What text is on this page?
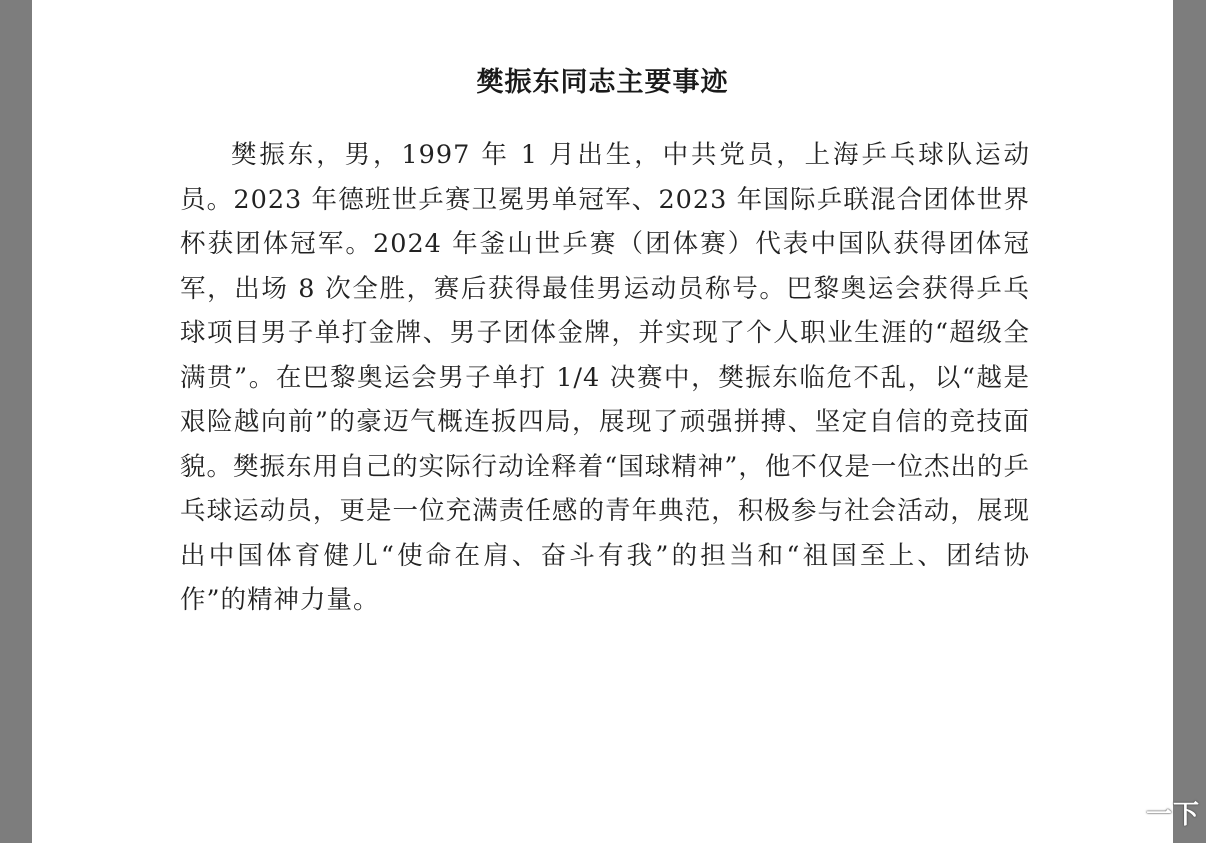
樊振东同志主要事迹

樊振东，男，1997 年 1 月出生，中共党员，上海乒乓球队运动员。2023 年德班世乒赛卫冕男单冠军、2023 年国际乒联混合团体世界杯获团体冠军。2024 年釜山世乒赛（团体赛）代表中国队获得团体冠军，出场 8 次全胜，赛后获得最佳男运动员称号。巴黎奥运会获得乒乓球项目男子单打金牌、男子团体金牌，并实现了个人职业生涯的“超级全满贯”。在巴黎奥运会男子单打 1/4 决赛中，樊振东临危不乱，以“越是艰险越向前”的豪迈气概连扳四局，展现了顽强拼搏、坚定自信的竞技面貌。樊振东用自己的实际行动诠释着“国球精神”，他不仅是一位杰出的乒乓球运动员，更是一位充满责任感的青年典范，积极参与社会活动，展现出中国体育健儿“使命在肩、奋斗有我”的担当和“祖国至上、团结协作”的精神力量。

一下
